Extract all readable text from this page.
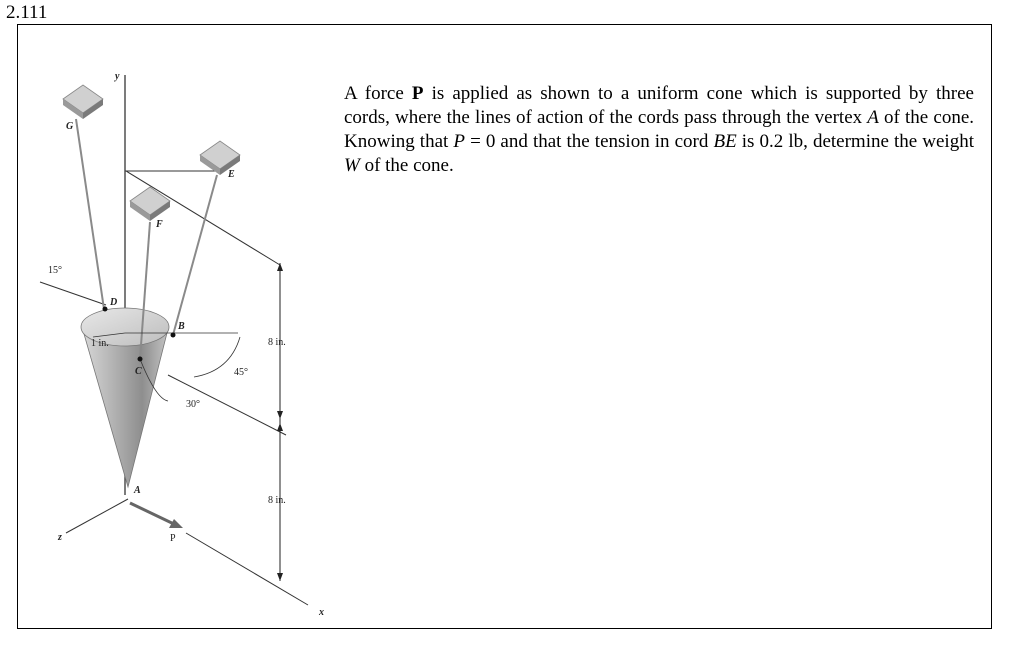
2.111
y
G
E
F
15°
D
B
1 in.
C	45°
30°
8 in.
8 in.
A
z	P
x
A force P is applied as shown to a uniform cone which is supported by three cords, where the lines of action of the cords pass through the vertex A of the cone. Knowing that P = 0 and that the tension in cord BE is 0.2 lb, determine the weight W of the cone.
